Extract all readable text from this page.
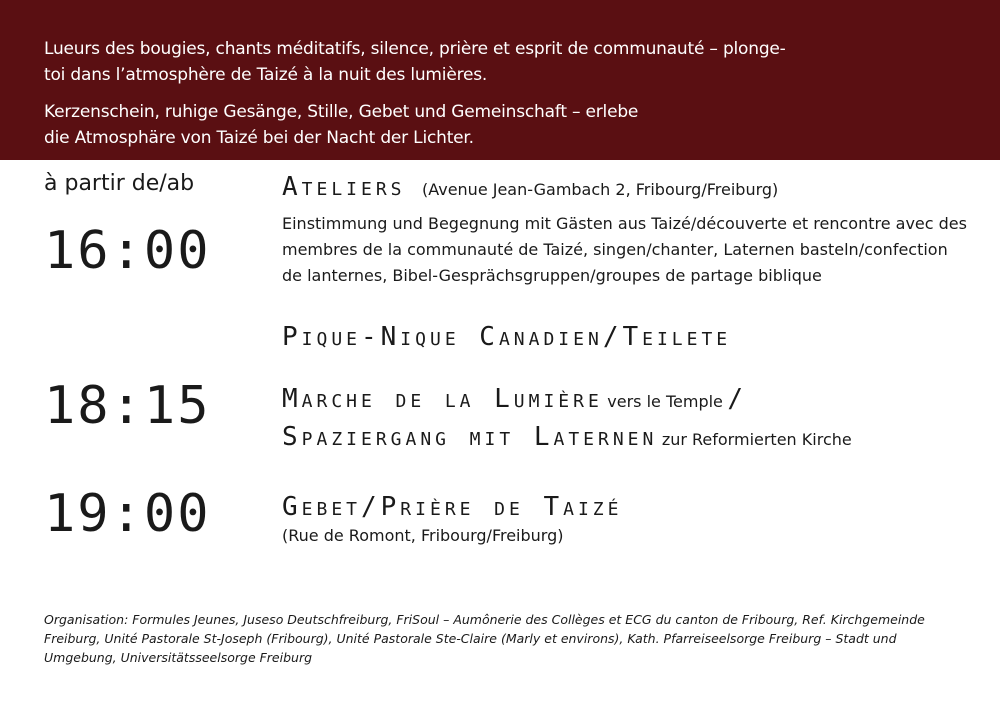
Lueurs des bougies, chants méditatifs, silence, prière et esprit de communauté – plonge-toi dans l’atmosphère de Taizé à la nuit des lumières.

Kerzenschein, ruhige Gesänge, Stille, Gebet und Gemeinschaft – erlebe die Atmosphäre von Taizé bei der Nacht der Lichter.

à partir de/ab
16:00
Ateliers (Avenue Jean-Gambach 2, Fribourg/Freiburg)
Einstimmung und Begegnung mit Gästen aus Taizé/découverte et rencontre avec des membres de la communauté de Taizé, singen/chanter, Laternen basteln/confection de lanternes, Bibel-Gesprächsgruppen/groupes de partage biblique
Pique-Nique Canadien/Teilete
18:15	Marche de la Lumière vers le Temple /
Spaziergang mit Laternen zur Reformierten Kirche
19:00	Gebet/Prière de Taizé
(Rue de Romont, Fribourg/Freiburg)
Organisation: Formules Jeunes, Juseso Deutschfreiburg, FriSoul – Aumônerie des Collèges et ECG du canton de Fribourg, Ref. Kirchgemeinde Freiburg, Unité Pastorale St-Joseph (Fribourg), Unité Pastorale Ste-Claire (Marly et environs), Kath. Pfarreiseelsorge Freiburg – Stadt und Umgebung, Universitätsseelsorge Freiburg
